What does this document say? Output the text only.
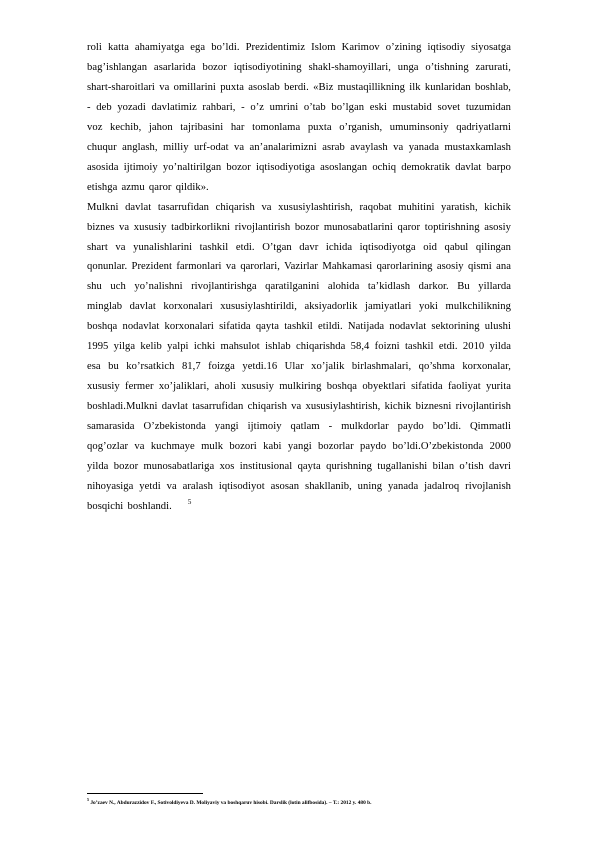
roli katta ahamiyatga ega bo’ldi. Prezidentimiz Islom Karimov o’zining iqtisodiy siyosatga bag’ishlangan asarlarida bozor iqtisodiyotining shakl-shamoyillari, unga o’tishning zarurati, shart-sharoitlari va omillarini puxta asoslab berdi. «Biz mustaqillikning ilk kunlaridan boshlab, - deb yozadi davlatimiz rahbari, - o’z umrini o’tab bo’lgan eski mustabid sovet tuzumidan voz kechib, jahon tajribasini har tomonlama puxta o’rganish, umuminsoniy qadriyatlarni chuqur anglash, milliy urf-odat va an’analarimizni asrab avaylash va yanada mustaxkamlash asosida ijtimoiy yo’naltirilgan bozor iqtisodiyotiga asoslangan ochiq demokratik davlat barpo etishga azmu qaror qildik».

Mulkni davlat tasarrufidan chiqarish va xususiylashtirish, raqobat muhitini yaratish, kichik biznes va xususiy tadbirkorlikni rivojlantirish bozor munosabatlarini qaror toptirishning asosiy shart va yunalishlarini tashkil etdi. O’tgan davr ichida iqtisodiyotga oid qabul qilingan qonunlar. Prezident farmonlari va qarorlari, Vazirlar Mahkamasi qarorlarining asosiy qismi ana shu uch yo’nalishni rivojlantirishga qaratilganini alohida ta’kidlash darkor. Bu yillarda minglab davlat korxonalari xususiylashtirildi, aksiyadorlik jamiyatlari yoki mulkchilikning boshqa nodavlat korxonalari sifatida qayta tashkil etildi. Natijada nodavlat sektorining ulushi 1995 yilga kelib yalpi ichki mahsulot ishlab chiqarishda 58,4 foizni tashkil etdi. 2010 yilda esa bu ko’rsatkich 81,7 foizga yetdi.16 Ular xo’jalik birlashmalari, qo’shma korxonalar, xususiy fermer xo’jaliklari, aholi xususiy mulkiring boshqa obyektlari sifatida faoliyat yurita boshladi.Mulkni davlat tasarrufidan chiqarish va xususiylashtirish, kichik biznesni rivojlantirish samarasida O’zbekistonda yangi ijtimoiy qatlam - mulkdorlar paydo bo’ldi. Qimmatli qog’ozlar va kuchmaye mulk bozori kabi yangi bozorlar paydo bo’ldi.O’zbekistonda 2000 yilda bozor munosabatlariga xos institusional qayta qurishning tugallanishi bilan o’tish davri nihoyasiga yetdi va aralash iqtisodiyot asosan shakllanib, uning yanada jadalroq rivojlanish bosqichi boshlandi. $^5$

$^5$ Jo’zaev N., Abdurazzidov F., Sotivoldiyeva D. Moliyaviy va boshqaruv hisobi. Darslik (lotin alifbosida). – T.: 2012 y. 480 b.
